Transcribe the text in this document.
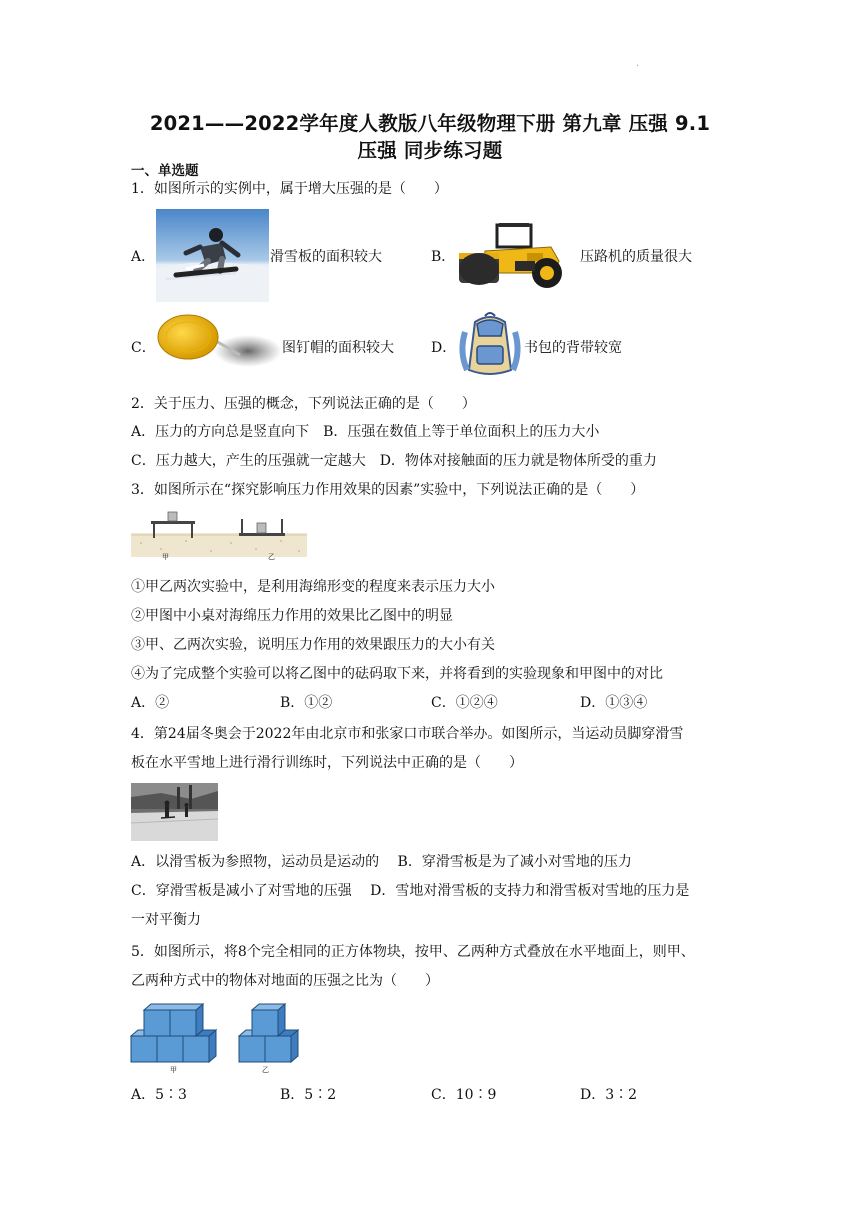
.
2021——2022学年度人教版八年级物理下册 第九章 压强 9.1
压强 同步练习题
一、单选题
1．如图所示的实例中，属于增大压强的是（　　）
A．	滑雪板的面积较大	B．	压路机的质量很大
C．	图钉帽的面积较大	D．	书包的背带较宽
2．关于压力、压强的概念，下列说法正确的是（　　）
A．压力的方向总是竖直向下　B．压强在数值上等于单位面积上的压力大小
C．压力越大，产生的压强就一定越大　D．物体对接触面的压力就是物体所受的重力
3．如图所示在“探究影响压力作用效果的因素”实验中，下列说法正确的是（　　）
甲	乙
①甲乙两次实验中，是利用海绵形变的程度来表示压力大小
②甲图中小桌对海绵压力作用的效果比乙图中的明显
③甲、乙两次实验，说明压力作用的效果跟压力的大小有关
④为了完成整个实验可以将乙图中的砝码取下来，并将看到的实验现象和甲图中的对比
A．②	B．①②	C．①②④	D．①③④
4．第24届冬奥会于2022年由北京市和张家口市联合举办。如图所示，当运动员脚穿滑雪
板在水平雪地上进行滑行训练时，下列说法中正确的是（　　）
A．以滑雪板为参照物，运动员是运动的　 B．穿滑雪板是为了减小对雪地的压力
C．穿滑雪板是减小了对雪地的压强　 D．雪地对滑雪板的支持力和滑雪板对雪地的压力是
一对平衡力
5．如图所示，将8个完全相同的正方体物块，按甲、乙两种方式叠放在水平地面上，则甲、
乙两种方式中的物体对地面的压强之比为（　　）
甲	乙
A．5∶3	B．5∶2	C．10∶9	D．3∶2
